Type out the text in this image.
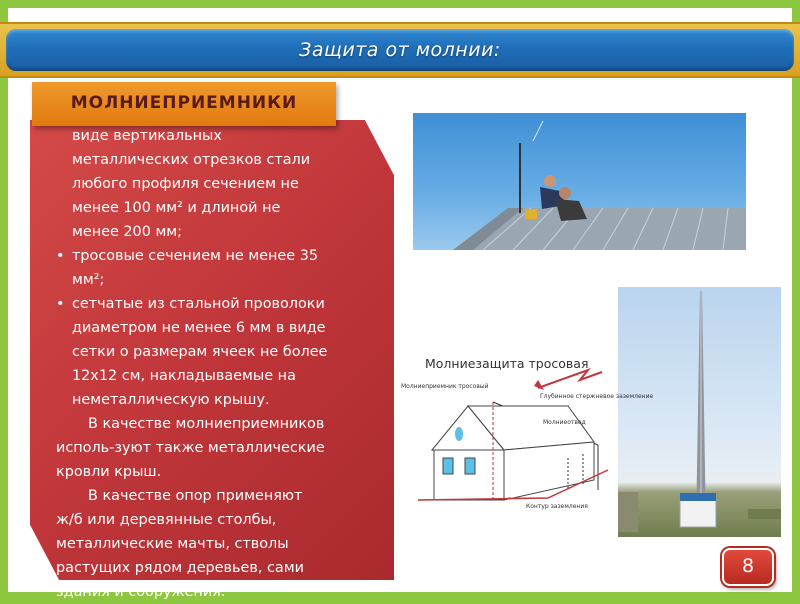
Защита от молнии:
МОЛНИЕПРИЕМНИКИ
виде вертикальных
металлических отрезков стали
любого профиля сечением не
менее 100 мм² и длиной не
менее 200 мм;
• тросовые сечением не менее 35
мм²;
• сетчатые из стальной проволоки
диаметром не менее 6 мм в виде
сетки о размерам ячеек не более
12х12 см, накладываемые на
неметаллическую крышу.
В качестве молниеприемников
исполь-зуют также металлические
кровли крыш.
В качестве опор применяют
ж/б или деревянные столбы,
металлические мачты, стволы
растущих рядом деревьев, сами
здания и сооружения.
Молниезащита тросовая
Молниеприемник тросовый
Глубинное стержневое заземление
Молниеотвод
Контур заземления
8
